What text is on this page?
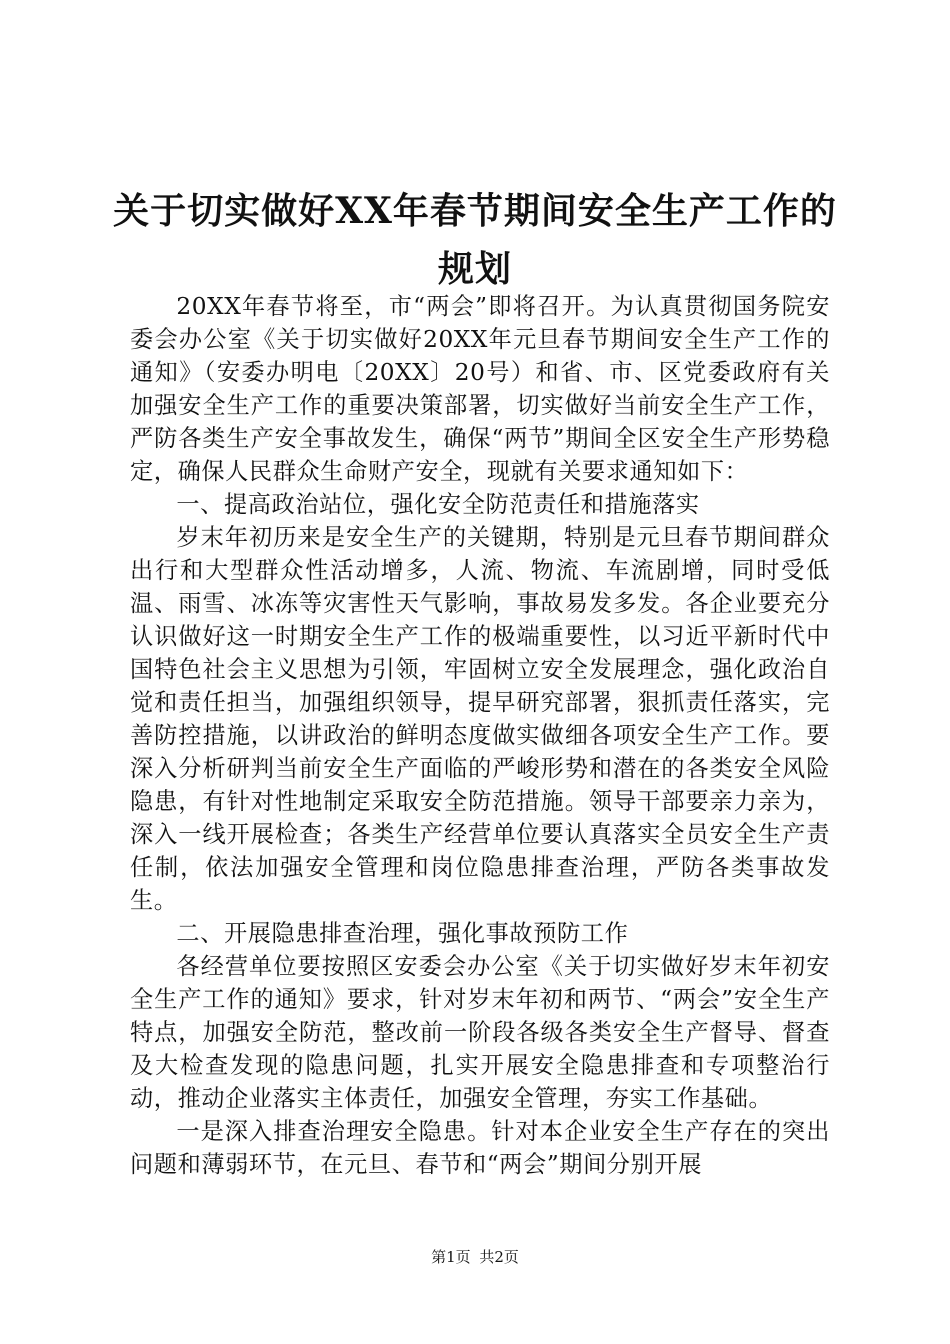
关于切实做好XX年春节期间安全生产工作的规划

20XX年春节将至，市“两会”即将召开。为认真贯彻国务院安委会办公室《关于切实做好20XX年元旦春节期间安全生产工作的通知》（安委办明电〔20XX〕20号）和省、市、区党委政府有关加强安全生产工作的重要决策部署，切实做好当前安全生产工作，严防各类生产安全事故发生，确保“两节”期间全区安全生产形势稳定，确保人民群众生命财产安全，现就有关要求通知如下：

一、提高政治站位，强化安全防范责任和措施落实

岁末年初历来是安全生产的关键期，特别是元旦春节期间群众出行和大型群众性活动增多，人流、物流、车流剧增，同时受低温、雨雪、冰冻等灾害性天气影响，事故易发多发。各企业要充分认识做好这一时期安全生产工作的极端重要性，以习近平新时代中国特色社会主义思想为引领，牢固树立安全发展理念，强化政治自觉和责任担当，加强组织领导，提早研究部署，狠抓责任落实，完善防控措施，以讲政治的鲜明态度做实做细各项安全生产工作。要深入分析研判当前安全生产面临的严峻形势和潜在的各类安全风险隐患，有针对性地制定采取安全防范措施。领导干部要亲力亲为，深入一线开展检查；各类生产经营单位要认真落实全员安全生产责任制，依法加强安全管理和岗位隐患排查治理，严防各类事故发生。

二、开展隐患排查治理，强化事故预防工作

各经营单位要按照区安委会办公室《关于切实做好岁末年初安全生产工作的通知》要求，针对岁末年初和两节、“两会”安全生产特点，加强安全防范，整改前一阶段各级各类安全生产督导、督查及大检查发现的隐患问题，扎实开展安全隐患排查和专项整治行动，推动企业落实主体责任，加强安全管理，夯实工作基础。

一是深入排查治理安全隐患。针对本企业安全生产存在的突出问题和薄弱环节，在元旦、春节和“两会”期间分别开展

第1页 共2页
